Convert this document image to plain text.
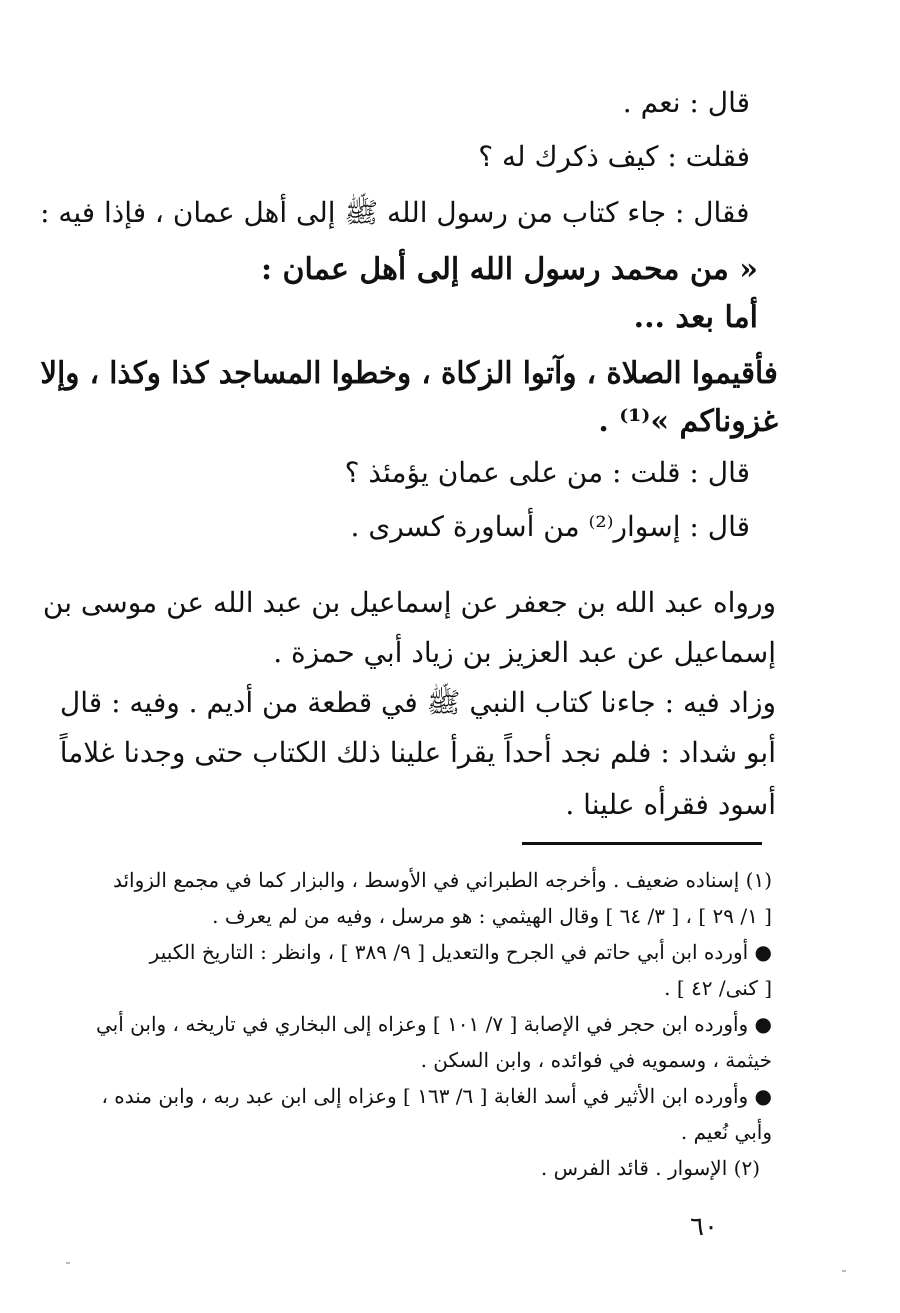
قال : نعم .
فقلت : كيف ذكرك له ؟
فقال : جاء كتاب من رسول الله ﷺ إلى أهل عمان ، فإذا فيه :
« من محمد رسول الله إلى أهل عمان :
أما بعد ...
فأقيموا الصلاة ، وآتوا الزكاة ، وخطوا المساجد كذا وكذا ، وإلا
غزوناكم »⁽¹⁾ .
قال : قلت : من على عمان يؤمئذ ؟
قال : إسوار⁽²⁾ من أساورة كسرى .
ورواه عبد الله بن جعفر عن إسماعيل بن عبد الله عن موسى بن
إسماعيل عن عبد العزيز بن زياد أبي حمزة .
وزاد فيه : جاءنا كتاب النبي ﷺ في قطعة من أديم . وفيه : قال
أبو شداد : فلم نجد أحداً يقرأ علينا ذلك الكتاب حتى وجدنا غلاماً
أسود فقرأه علينا .
(١) إسناده ضعيف . وأخرجه الطبراني في الأوسط ، والبزار كما في مجمع الزوائد
[ ١/ ٢٩ ] ، [ ٣/ ٦٤ ] وقال الهيثمي : هو مرسل ، وفيه من لم يعرف .
● أورده ابن أبي حاتم في الجرح والتعديل [ ٩/ ٣٨٩ ] ، وانظر : التاريخ الكبير
[ كنى/ ٤٢ ] .
● وأورده ابن حجر في الإصابة [ ٧/ ١٠١ ] وعزاه إلى البخاري في تاريخه ، وابن أبي
خيثمة ، وسمويه في فوائده ، وابن السكن .
● وأورده ابن الأثير في أسد الغابة [ ٦/ ١٦٣ ] وعزاه إلى ابن عبد ربه ، وابن منده ،
وأبي نُعيم .
(٢) الإسوار . قائد الفرس .
٦٠
